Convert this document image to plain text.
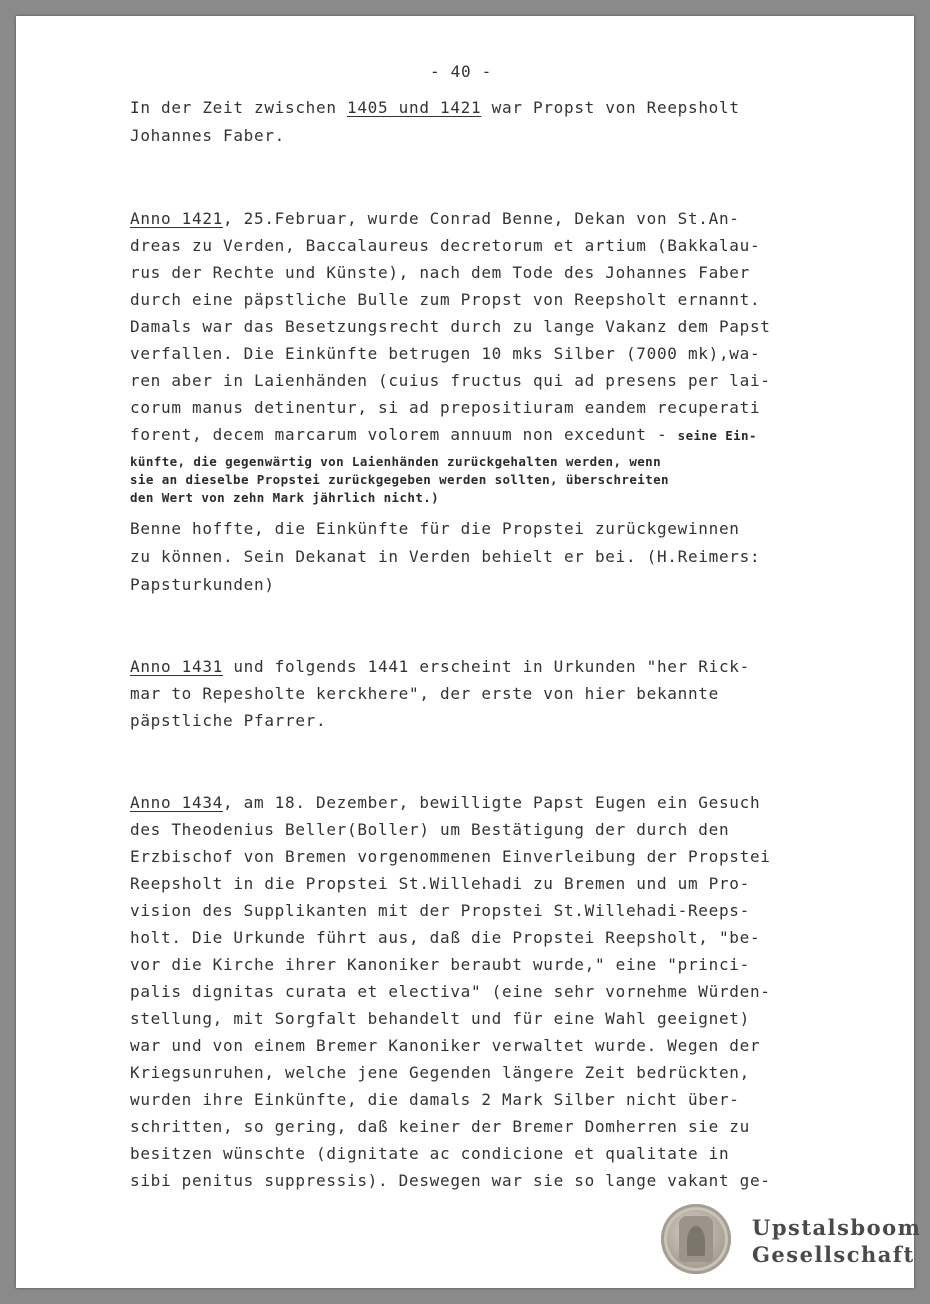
- 40 -
In der Zeit zwischen 1405 und 1421 war Propst von Reepsholt
Johannes Faber.
Anno 1421, 25.Februar, wurde Conrad Benne, Dekan von St.An-
dreas zu Verden, Baccalaureus decretorum et artium (Bakkalau-
rus der Rechte und Künste), nach dem Tode des Johannes Faber
durch eine päpstliche Bulle zum Propst von Reepsholt ernannt.
Damals war das Besetzungsrecht durch zu lange Vakanz dem Papst
verfallen. Die Einkünfte betrugen 10 mks Silber (7000 mk),wa-
ren aber in Laienhänden (cuius fructus qui ad presens per lai-
corum manus detinentur, si ad prepositiuram eandem recuperati
forent, decem marcarum volorem annuum non excedunt - seine Ein-
künfte, die gegenwärtig von Laienhänden zurückgehalten werden, wenn
sie an dieselbe Propstei zurückgegeben werden sollten, überschreiten
den Wert von zehn Mark jährlich nicht.)
Benne hoffte, die Einkünfte für die Propstei zurückgewinnen
zu können. Sein Dekanat in Verden behielt er bei. (H.Reimers:
Papsturkunden)
Anno 1431 und folgends 1441 erscheint in Urkunden "her Rick-
mar to Repesholte kerckhere", der erste von hier bekannte
päpstliche Pfarrer.
Anno 1434, am 18. Dezember, bewilligte Papst Eugen ein Gesuch
des Theodenius Beller(Boller) um Bestätigung der durch den
Erzbischof von Bremen vorgenommenen Einverleibung der Propstei
Reepsholt in die Propstei St.Willehadi zu Bremen und um Pro-
vision des Supplikanten mit der Propstei St.Willehadi-Reeps-
holt. Die Urkunde führt aus, daß die Propstei Reepsholt, "be-
vor die Kirche ihrer Kanoniker beraubt wurde," eine "princi-
palis dignitas curata et electiva" (eine sehr vornehme Würden-
stellung, mit Sorgfalt behandelt und für eine Wahl geeignet)
war und von einem Bremer Kanoniker verwaltet wurde. Wegen der
Kriegsunruhen, welche jene Gegenden längere Zeit bedrückten,
wurden ihre Einkünfte, die damals 2 Mark Silber nicht über-
schritten, so gering, daß keiner der Bremer Domherren sie zu
besitzen wünschte (dignitate ac condicione et qualitate in
sibi penitus suppressis). Deswegen war sie so lange vakant ge-
Upstalsboom
Gesellschaft
